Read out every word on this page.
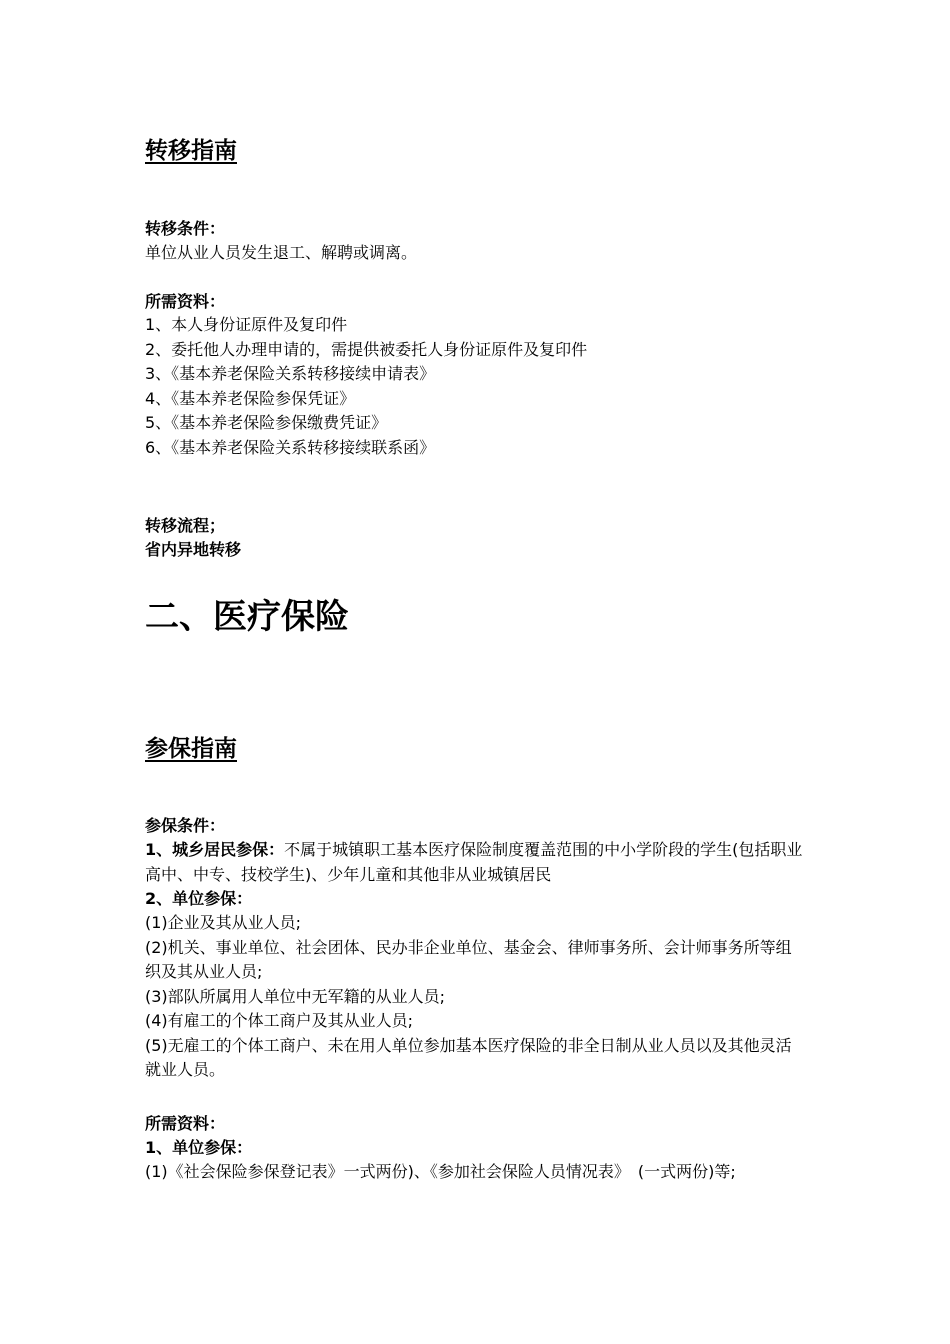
转移指南
转移条件：
单位从业人员发生退工、解聘或调离。
所需资料：
1、本人身份证原件及复印件
2、委托他人办理申请的，需提供被委托人身份证原件及复印件
3、《基本养老保险关系转移接续申请表》
4、《基本养老保险参保凭证》
5、《基本养老保险参保缴费凭证》
6、《基本养老保险关系转移接续联系函》
转移流程；
省内异地转移
二、医疗保险
参保指南
参保条件：
1、城乡居民参保：不属于城镇职工基本医疗保险制度覆盖范围的中小学阶段的学生(包括职业高中、中专、技校学生)、少年儿童和其他非从业城镇居民
2、单位参保：
(1)企业及其从业人员;
(2)机关、事业单位、社会团体、民办非企业单位、基金会、律师事务所、会计师事务所等组织及其从业人员;
(3)部队所属用人单位中无军籍的从业人员;
(4)有雇工的个体工商户及其从业人员;
(5)无雇工的个体工商户、未在用人单位参加基本医疗保险的非全日制从业人员以及其他灵活就业人员。
所需资料：
1、单位参保：
(1)《社会保险参保登记表》一式两份)、《参加社会保险人员情况表》　(一式两份)等;
